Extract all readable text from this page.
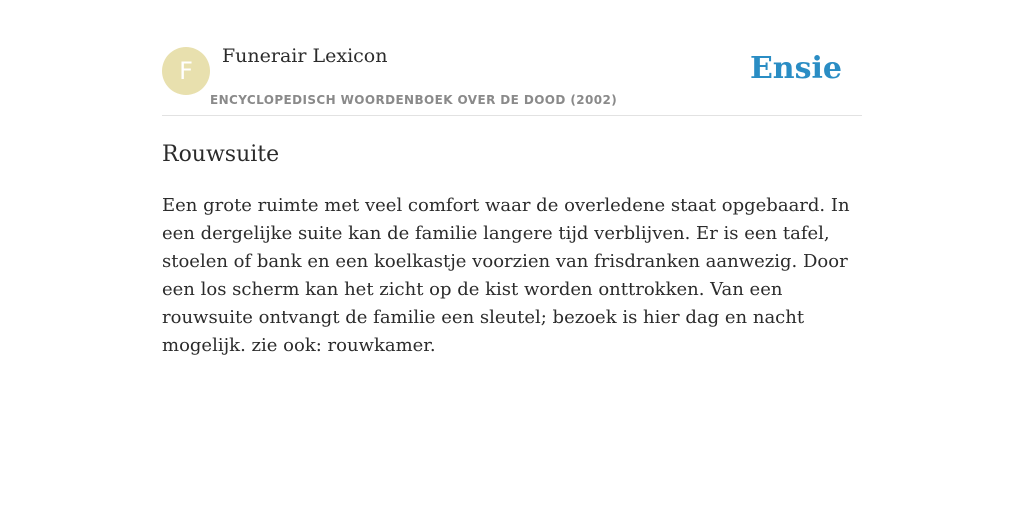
F
Funerair Lexicon
ENCYCLOPEDISCH WOORDENBOEK OVER DE DOOD (2002)
Ensie
Rouwsuite

Een grote ruimte met veel comfort waar de overledene staat opgebaard. In een dergelijke suite kan de familie langere tijd verblijven. Er is een tafel, stoelen of bank en een koelkastje voorzien van frisdranken aanwezig. Door een los scherm kan het zicht op de kist worden onttrokken. Van een rouwsuite ontvangt de familie een sleutel; bezoek is hier dag en nacht mogelijk. zie ook: rouwkamer.
